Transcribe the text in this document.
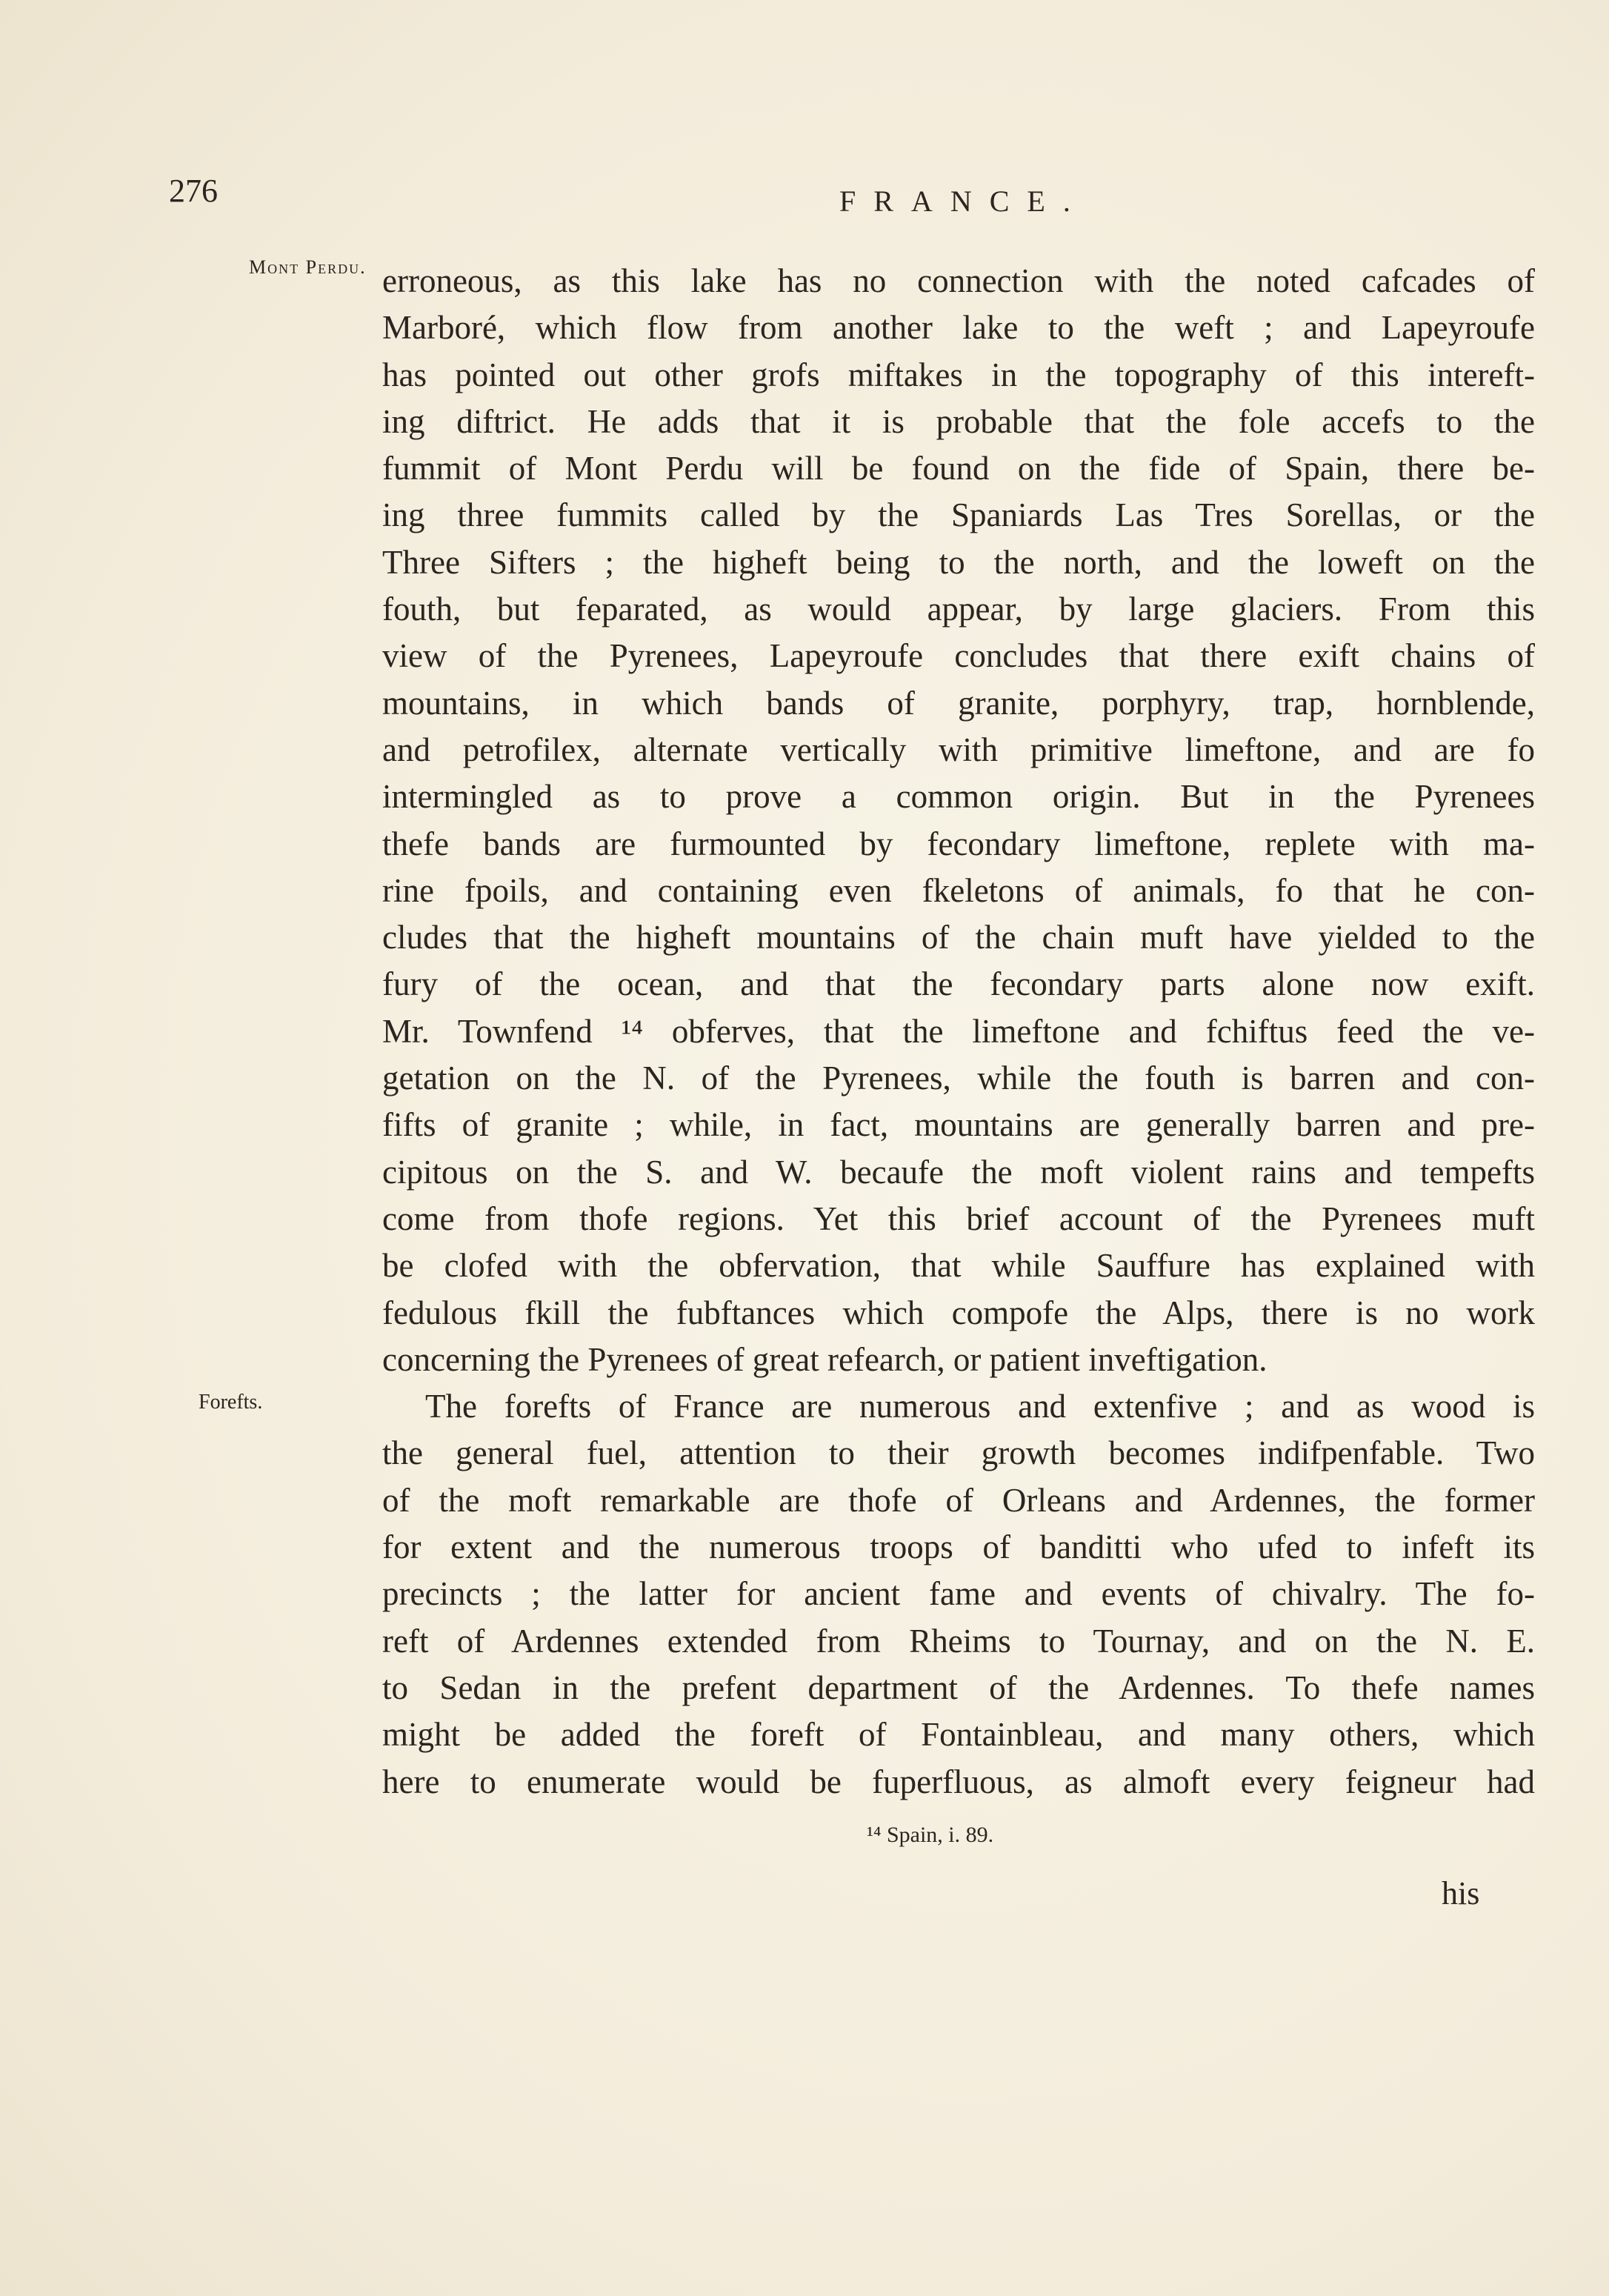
276	FRANCE.
Mont Perdu.
Forefts.
erroneous, as this lake has no connection with the noted cafcades of
Marboré, which flow from another lake to the weft ; and Lapeyroufe
has pointed out other grofs miftakes in the topography of this intereft-
ing diftrict. He adds that it is probable that the fole accefs to the
fummit of Mont Perdu will be found on the fide of Spain, there be-
ing three fummits called by the Spaniards Las Tres Sorellas, or the
Three Sifters ; the higheft being to the north, and the loweft on the
fouth, but feparated, as would appear, by large glaciers. From this
view of the Pyrenees, Lapeyroufe concludes that there exift chains of
mountains, in which bands of granite, porphyry, trap, hornblende,
and petrofilex, alternate vertically with primitive limeftone, and are fo
intermingled as to prove a common origin. But in the Pyrenees
thefe bands are furmounted by fecondary limeftone, replete with ma-
rine fpoils, and containing even fkeletons of animals, fo that he con-
cludes that the higheft mountains of the chain muft have yielded to the
fury of the ocean, and that the fecondary parts alone now exift.
Mr. Townfend ¹⁴ obferves, that the limeftone and fchiftus feed the ve-
getation on the N. of the Pyrenees, while the fouth is barren and con-
fifts of granite ; while, in fact, mountains are generally barren and pre-
cipitous on the S. and W. becaufe the moft violent rains and tempefts
come from thofe regions. Yet this brief account of the Pyrenees muft
be clofed with the obfervation, that while Sauffure has explained with
fedulous fkill the fubftances which compofe the Alps, there is no work
concerning the Pyrenees of great refearch, or patient inveftigation.
The forefts of France are numerous and extenfive ; and as wood is
the general fuel, attention to their growth becomes indifpenfable. Two
of the moft remarkable are thofe of Orleans and Ardennes, the former
for extent and the numerous troops of banditti who ufed to infeft its
precincts ; the latter for ancient fame and events of chivalry. The fo-
reft of Ardennes extended from Rheims to Tournay, and on the N. E.
to Sedan in the prefent department of the Ardennes. To thefe names
might be added the foreft of Fontainbleau, and many others, which
here to enumerate would be fuperfluous, as almoft every feigneur had
¹⁴ Spain, i. 89.
his
